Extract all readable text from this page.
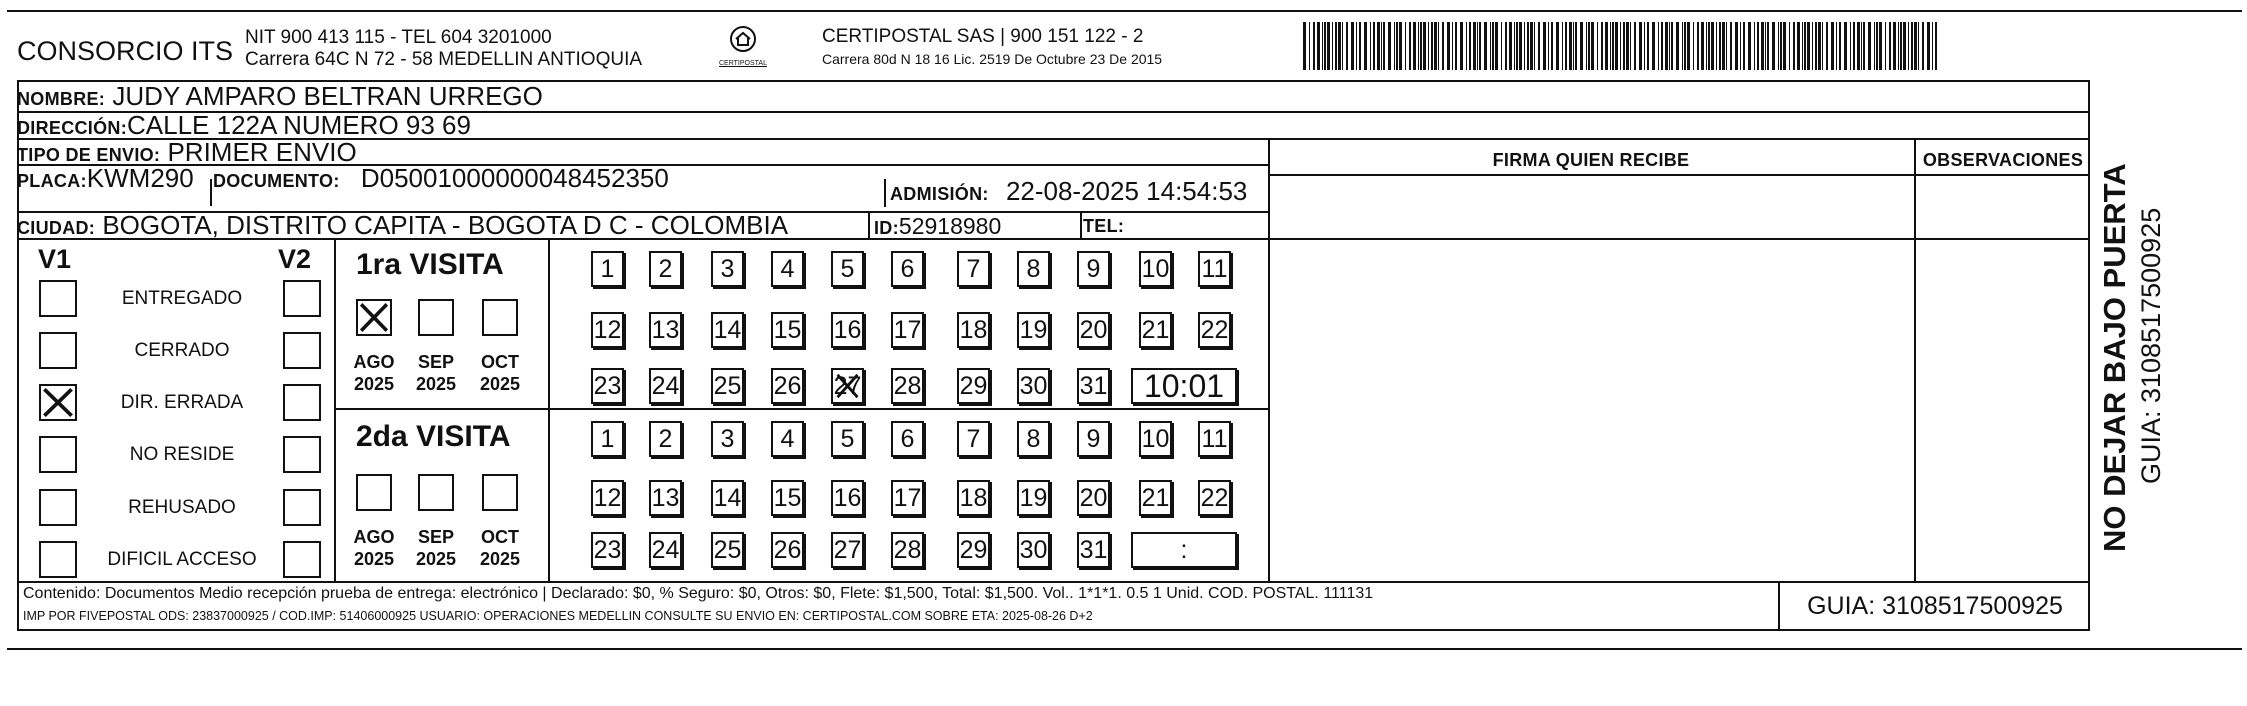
CONSORCIO ITS NIT 900 413 115 - TEL 604 3201000
Carrera 64C N 72 - 58 MEDELLIN ANTIOQUIA	CERTIPOSTAL
CERTIPOSTAL SAS | 900 151 122 - 2
Carrera 80d N 18 16 Lic. 2519 De Octubre 23 De 2015
NOMBRE: JUDY AMPARO BELTRAN URREGO
DIRECCIÓN:CALLE 122A NUMERO 93 69
TIPO DE ENVIO: PRIMER ENVIO
PLACA:KWM290 DOCUMENTO: D05001000000048452350
ADMISIÓN: 22-08-2025 14:54:53
CIUDAD: BOGOTA, DISTRITO CAPITA - BOGOTA D C - COLOMBIA	ID:52918980	TEL:
FIRMA QUIEN RECIBE	OBSERVACIONES
V1	V2
ENTREGADO
CERRADO
DIR. ERRADA
NO RESIDE
REHUSADO
DIFICIL ACCESO
1ra VISITA
2da VISITA
AGO
2025
SEP
2025
OCT
2025
AGO
2025
SEP
2025
OCT
2025
1	2	3	4	5	6	7	8	9	10 11
12 13 14 15 16 17 18 19 20 21 22
23 24 25 26 27 28 29 30 31	10:01
1	2	3	4	5	6	7	8	9	10 11
12 13 14 15 16 17 18 19 20 21 22
23 24 25 26 27 28 29 30 31	:
Contenido: Documentos Medio recepción prueba de entrega: electrónico | Declarado: $0, % Seguro: $0, Otros: $0, Flete: $1,500, Total: $1,500. Vol.. 1*1*1. 0.5 1 Unid. COD. POSTAL. 111131
IMP POR FIVEPOSTAL ODS: 23837000925 / COD.IMP: 51406000925 USUARIO: OPERACIONES MEDELLIN CONSULTE SU ENVIO EN: CERTIPOSTAL.COM SOBRE ETA: 2025-08-26 D+2	GUIA: 3108517500925
NO DEJAR BAJO PUERTA GUIA: 3108517500925
